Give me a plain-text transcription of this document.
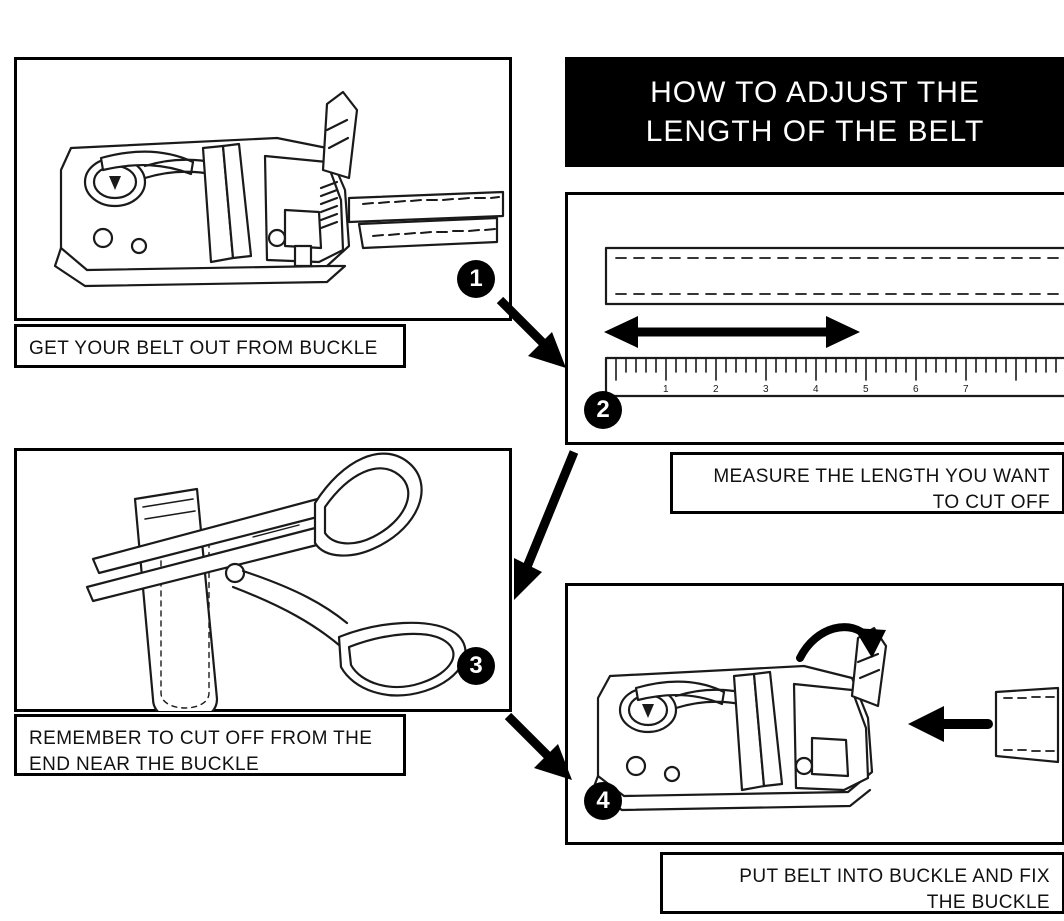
HOW TO ADJUST THE
LENGTH OF THE BELT
1
GET YOUR BELT OUT FROM BUCKLE
1	2	3	4	5	6	7
2
MEASURE THE LENGTH YOU WANT
TO CUT OFF
3
REMEMBER TO CUT OFF FROM THE
END NEAR THE BUCKLE
4
PUT BELT INTO BUCKLE AND FIX
THE BUCKLE
